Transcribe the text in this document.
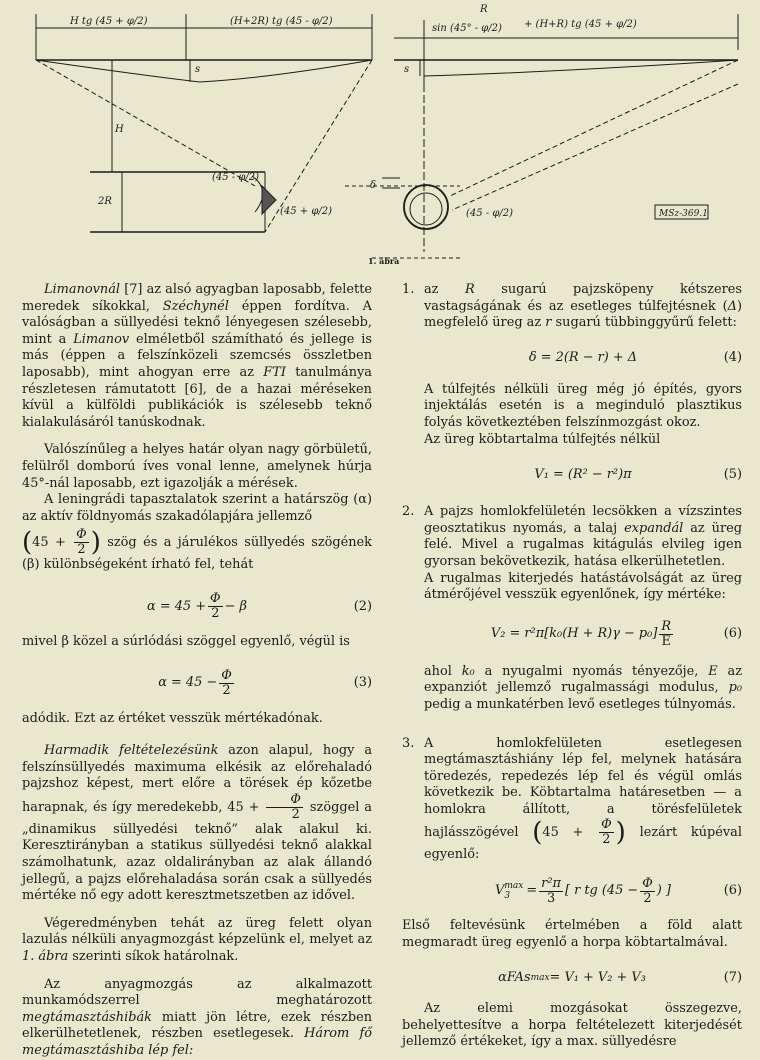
H tg (45 + φ/2)	(H+2R) tg (45 - φ/2)
s
H
2R
(45 - φ/2)
(45 + φ/2)
R
sin (45° - φ/2) + (H+R) tg (45 + φ/2)
s
δ
(45 - φ/2)	MSz-369.1
1. ábra

Limanovnál [7] az alsó agyagban laposabb, felette meredek síkokkal, Széchynél éppen fordítva. A valóságban a süllyedési teknő lényegesen szélesebb, mint a Limanov elméletből számítható és jellege is más (éppen a felszínközeli szemcsés összletben laposabb), mint ahogyan erre az FTI tanulmánya részletesen rámutatott [6], de a hazai méréseken kívül a külföldi publikációk is szélesebb teknő kialakulásáról tanúskodnak.

Valószínűleg a helyes határ olyan nagy görbületű, felülről domború íves vonal lenne, amelynek húrja 45°-nál laposabb, ezt igazolják a mérések.

A leningrádi tapasztalatok szerint a határszög (α) az aktív földnyomás szakadólapjára jellemző

($45 + \frac{\Phi}{2}$ ) szög és a járulékos süllyedés szögének (β) különbségeként írható fel, tehát

$\alpha = 45 + \frac{\Phi}{2} - \beta$	(2)

mivel β közel a súrlódási szöggel egyenlő, végül is

$\alpha = 45 - \frac{\Phi}{2}$	(3)

adódik. Ezt az értéket vesszük mértékadónak.

Harmadik feltételezésünk azon alapul, hogy a felszínsüllyedés maximuma elkésik az előrehaladó pajzshoz képest, mert előre a törések ép kőzetbe harapnak, és így meredekebb, $45 + \frac{\Phi}{2}$ szöggel a „dinamikus süllyedési teknő” alak alakul ki. Keresztirányban a statikus süllyedési teknő alakkal számolhatunk, azaz oldalirányban az alak állandó jellegű, a pajzs előrehaladása során csak a süllyedés mértéke nő egy adott keresztmetszetben az idővel.

Végeredményben tehát az üreg felett olyan lazulás nélküli anyagmozgást képzelünk el, melyet az 1. ábra szerinti síkok határolnak.

Az anyagmozgás az alkalmazott munkamódszerrel meghatározott megtámasztáshibák miatt jön létre, ezek részben elkerülhetetlenek, részben esetlegesek. Három fő megtámasztáshiba lép fel:

1. az R sugarú pajzsköpeny kétszeres vastagságának és az esetleges túlfejtésnek (Δ) megfelelő üreg az r sugarú tübbinggyűrű felett:

δ = 2(R − r) + Δ	(4)

A túlfejtés nélküli üreg még jó építés, gyors injektálás esetén is a meginduló plasztikus folyás következtében felszínmozgást okoz.

Az üreg köbtartalma túlfejtés nélkül

V₁ = (R² − r²)π	(5)
2. A pajzs homlokfelületén lecsökken a vízszintes geosztatikus nyomás, a talaj expandál az üreg felé. Mivel a rugalmas kitágulás elvileg igen gyorsan bekövetkezik, hatása elkerülhetetlen.

A rugalmas kiterjedés hatástávolságát az üreg átmérőjével vesszük egyenlőnek, így mértéke:

$V_2 = r^2\pi[k_0(H + R)\gamma - p_0] \frac{R}{E}$	(6)

ahol k₀ a nyugalmi nyomás tényezője, E az expanziót jellemző rugalmassági modulus, p₀ pedig a munkatérben levő esetleges túlnyomás.

3. A homlokfelületen esetlegesen megtámasztáshiány lép fel, melynek hatására töredezés, repedezés lép fel és végül omlás következik be. Köbtartalma határesetben — a homlokra állított, a törésfelületek hajlásszögével ($45 + \frac{\Phi}{2}$ ) lezárt kúpéval egyenlő:

V max
3	= $\frac{\text{r²π}}{3}$ [ r tg ($45 - \frac{\Phi}{2}$ ) ]	(6)

Első feltevésünk értelmében a föld alatt megmaradt üreg egyenlő a horpa köbtartalmával.

αFAs max = V₁ + V₂ + V₃	(7)

Az elemi mozgásokat összegezve, behelyettesítve a horpa feltételezett kiterjedését jellemző értékeket, így a max. süllyedésre
